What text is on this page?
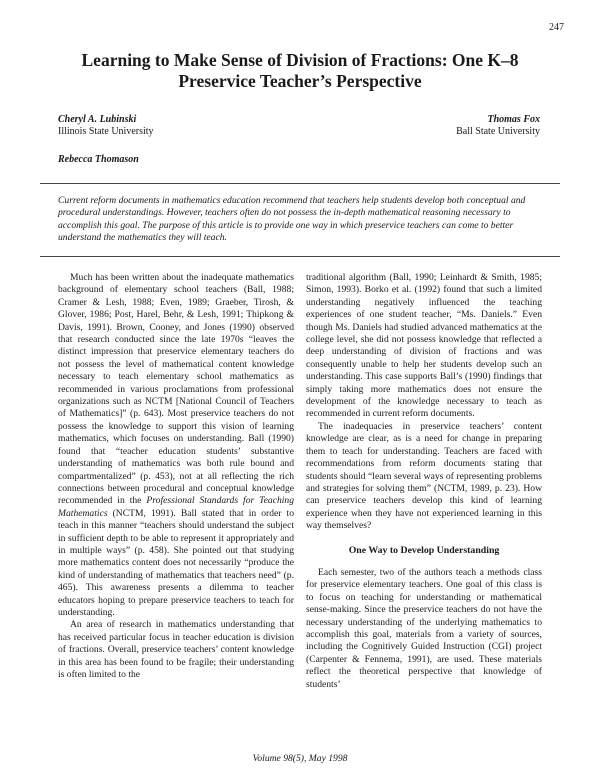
247
Learning to Make Sense of Division of Fractions: One K–8
Preservice Teacher’s Perspective
Cheryl A. Lubinski
Illinois State University
Thomas Fox
Ball State University
Rebecca Thomason
Current reform documents in mathematics education recommend that teachers help students develop both conceptual and procedural understandings. However, teachers often do not possess the in-depth mathematical reasoning necessary to accomplish this goal. The purpose of this article is to provide one way in which preservice teachers can come to better understand the mathematics they will teach.

Much has been written about the inadequate mathematics background of elementary school teachers (Ball, 1988; Cramer & Lesh, 1988; Even, 1989; Graeber, Tirosh, & Glover, 1986; Post, Harel, Behr, & Lesh, 1991; Thipkong & Davis, 1991). Brown, Cooney, and Jones (1990) observed that research conducted since the late 1970s “leaves the distinct impression that preservice elementary teachers do not possess the level of mathematical content knowledge necessary to teach elementary school mathematics as recommended in various proclamations from professional organizations such as NCTM [National Council of Teachers of Mathematics]” (p. 643). Most preservice teachers do not possess the knowledge to support this vision of learning mathematics, which focuses on understanding. Ball (1990) found that “teacher education students’ substantive understanding of mathematics was both rule bound and compartmentalized” (p. 453), not at all reflecting the rich connections between procedural and conceptual knowledge recommended in the Professional Standards for Teaching Mathematics (NCTM, 1991). Ball stated that in order to teach in this manner “teachers should understand the subject in sufficient depth to be able to represent it appropriately and in multiple ways” (p. 458). She pointed out that studying more mathematics content does not necessarily “produce the kind of understanding of mathematics that teachers need” (p. 465). This awareness presents a dilemma to teacher educators hoping to prepare preservice teachers to teach for understanding.

An area of research in mathematics understanding that has received particular focus in teacher education is division of fractions. Overall, preservice teachers’ content knowledge in this area has been found to be fragile; their understanding is often limited to the

traditional algorithm (Ball, 1990; Leinhardt & Smith, 1985; Simon, 1993). Borko et al. (1992) found that such a limited understanding negatively influenced the teaching experiences of one student teacher, “Ms. Daniels.” Even though Ms. Daniels had studied advanced mathematics at the college level, she did not possess knowledge that reflected a deep understanding of division of fractions and was consequently unable to help her students develop such an understanding. This case supports Ball’s (1990) findings that simply taking more mathematics does not ensure the development of the knowledge necessary to teach as recommended in current reform documents.

The inadequacies in preservice teachers’ content knowledge are clear, as is a need for change in preparing them to teach for understanding. Teachers are faced with recommendations from reform documents stating that students should “learn several ways of representing problems and strategies for solving them” (NCTM, 1989, p. 23). How can preservice teachers develop this kind of learning experience when they have not experienced learning in this way themselves?

One Way to Develop Understanding

Each semester, two of the authors teach a methods class for preservice elementary teachers. One goal of this class is to focus on teaching for understanding or mathematical sense-making. Since the preservice teachers do not have the necessary understanding of the underlying mathematics to accomplish this goal, materials from a variety of sources, including the Cognitively Guided Instruction (CGI) project (Carpenter & Fennema, 1991), are used. These materials reflect the theoretical perspective that knowledge of students’

Volume 98(5), May 1998
